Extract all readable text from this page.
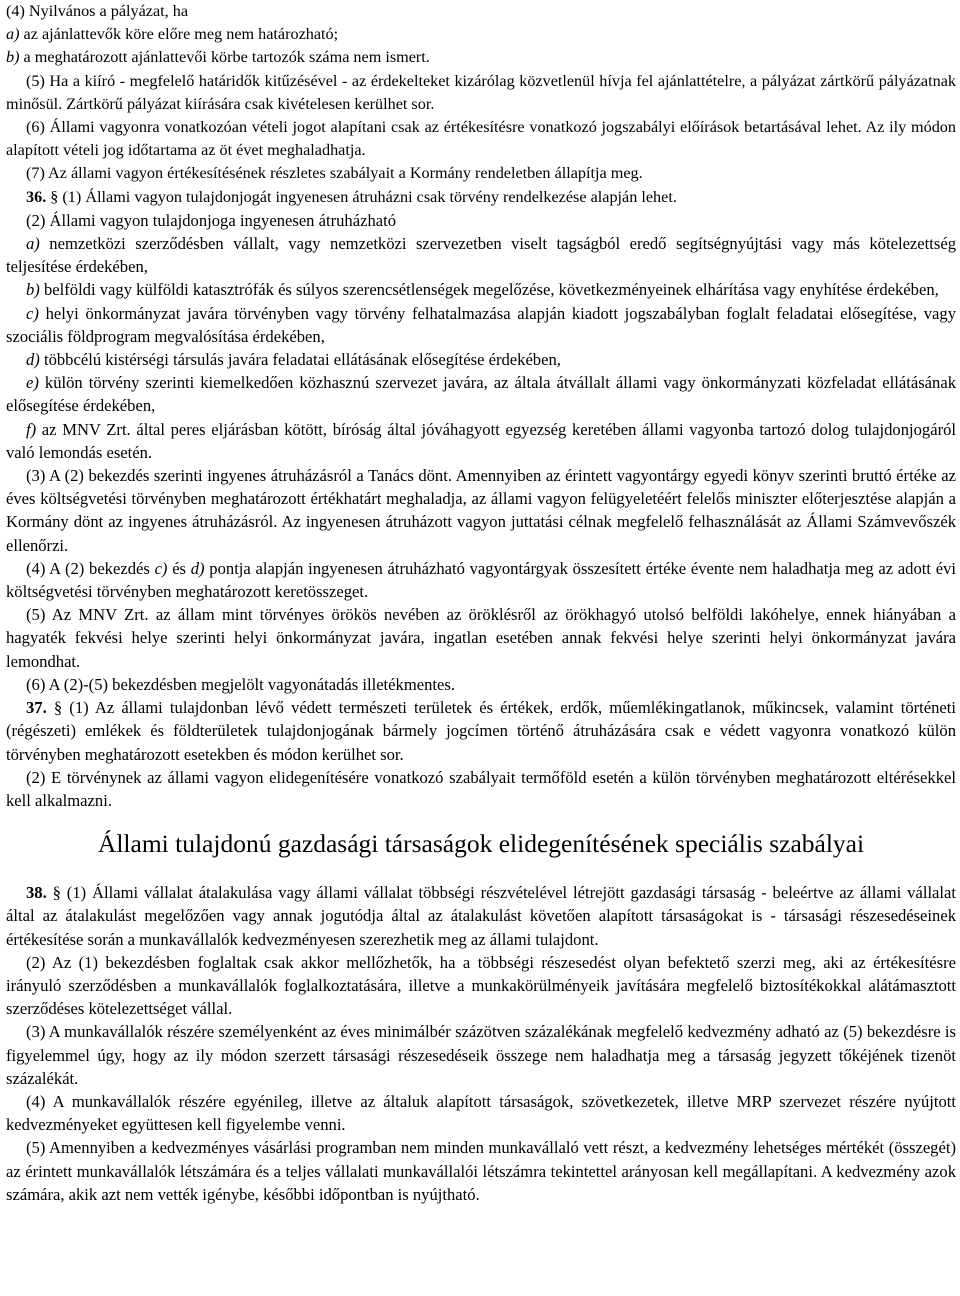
(4) Nyilvános a pályázat, ha

a) az ajánlattevők köre előre meg nem határozható;

b) a meghatározott ajánlattevői körbe tartozók száma nem ismert.

(5) Ha a kiíró - megfelelő határidők kitűzésével - az érdekelteket kizárólag közvetlenül hívja fel ajánlattételre, a pályázat zártkörű pályázatnak minősül. Zártkörű pályázat kiírására csak kivételesen kerülhet sor.

(6) Állami vagyonra vonatkozóan vételi jogot alapítani csak az értékesítésre vonatkozó jogszabályi előírások betartásával lehet. Az ily módon alapított vételi jog időtartama az öt évet meghaladhatja.

(7) Az állami vagyon értékesítésének részletes szabályait a Kormány rendeletben állapítja meg.

36. § (1) Állami vagyon tulajdonjogát ingyenesen átruházni csak törvény rendelkezése alapján lehet.

(2) Állami vagyon tulajdonjoga ingyenesen átruházható

a) nemzetközi szerződésben vállalt, vagy nemzetközi szervezetben viselt tagságból eredő segítségnyújtási vagy más kötelezettség teljesítése érdekében,

b) belföldi vagy külföldi katasztrófák és súlyos szerencsétlenségek megelőzése, következményeinek elhárítása vagy enyhítése érdekében,

c) helyi önkormányzat javára törvényben vagy törvény felhatalmazása alapján kiadott jogszabályban foglalt feladatai elősegítése, vagy szociális földprogram megvalósítása érdekében,

d) többcélú kistérségi társulás javára feladatai ellátásának elősegítése érdekében,

e) külön törvény szerinti kiemelkedően közhasznú szervezet javára, az általa átvállalt állami vagy önkormányzati közfeladat ellátásának elősegítése érdekében,

f) az MNV Zrt. által peres eljárásban kötött, bíróság által jóváhagyott egyezség keretében állami vagyonba tartozó dolog tulajdonjogáról való lemondás esetén.

(3) A (2) bekezdés szerinti ingyenes átruházásról a Tanács dönt. Amennyiben az érintett vagyontárgy egyedi könyv szerinti bruttó értéke az éves költségvetési törvényben meghatározott értékhatárt meghaladja, az állami vagyon felügyeletéért felelős miniszter előterjesztése alapján a Kormány dönt az ingyenes átruházásról. Az ingyenesen átruházott vagyon juttatási célnak megfelelő felhasználását az Állami Számvevőszék ellenőrzi.

(4) A (2) bekezdés c) és d) pontja alapján ingyenesen átruházható vagyontárgyak összesített értéke évente nem haladhatja meg az adott évi költségvetési törvényben meghatározott keretösszeget.

(5) Az MNV Zrt. az állam mint törvényes örökös nevében az öröklésről az örökhagyó utolsó belföldi lakóhelye, ennek hiányában a hagyaték fekvési helye szerinti helyi önkormányzat javára, ingatlan esetében annak fekvési helye szerinti helyi önkormányzat javára lemondhat.

(6) A (2)-(5) bekezdésben megjelölt vagyonátadás illetékmentes.

37. § (1) Az állami tulajdonban lévő védett természeti területek és értékek, erdők, műemlékingatlanok, műkincsek, valamint történeti (régészeti) emlékek és földterületek tulajdonjogának bármely jogcímen történő átruházására csak e védett vagyonra vonatkozó külön törvényben meghatározott esetekben és módon kerülhet sor.

(2) E törvénynek az állami vagyon elidegenítésére vonatkozó szabályait termőföld esetén a külön törvényben meghatározott eltérésekkel kell alkalmazni.

Állami tulajdonú gazdasági társaságok elidegenítésének speciális szabályai

38. § (1) Állami vállalat átalakulása vagy állami vállalat többségi részvételével létrejött gazdasági társaság - beleértve az állami vállalat által az átalakulást megelőzően vagy annak jogutódja által az átalakulást követően alapított társaságokat is - társasági részesedéseinek értékesítése során a munkavállalók kedvezményesen szerezhetik meg az állami tulajdont.

(2) Az (1) bekezdésben foglaltak csak akkor mellőzhetők, ha a többségi részesedést olyan befektető szerzi meg, aki az értékesítésre irányuló szerződésben a munkavállalók foglalkoztatására, illetve a munkakörülményeik javítására megfelelő biztosítékokkal alátámasztott szerződéses kötelezettséget vállal.

(3) A munkavállalók részére személyenként az éves minimálbér százötven százalékának megfelelő kedvezmény adható az (5) bekezdésre is figyelemmel úgy, hogy az ily módon szerzett társasági részesedéseik összege nem haladhatja meg a társaság jegyzett tőkéjének tizenöt százalékát.

(4) A munkavállalók részére egyénileg, illetve az általuk alapított társaságok, szövetkezetek, illetve MRP szervezet részére nyújtott kedvezményeket együttesen kell figyelembe venni.

(5) Amennyiben a kedvezményes vásárlási programban nem minden munkavállaló vett részt, a kedvezmény lehetséges mértékét (összegét) az érintett munkavállalók létszámára és a teljes vállalati munkavállalói létszámra tekintettel arányosan kell megállapítani. A kedvezmény azok számára, akik azt nem vették igénybe, későbbi időpontban is nyújtható.
